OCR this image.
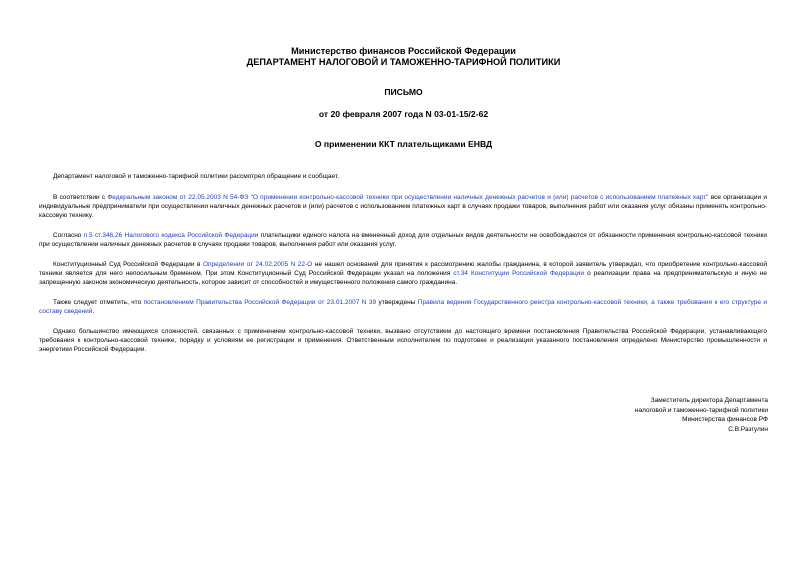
Министерство финансов Российской Федерации
ДЕПАРТАМЕНТ НАЛОГОВОЙ И ТАМОЖЕННО-ТАРИФНОЙ ПОЛИТИКИ
ПИСЬМО
от 20 февраля 2007 года N 03-01-15/2-62
О применении ККТ плательщиками ЕНВД

Департамент налоговой и таможенно-тарифной политики рассмотрел обращение и сообщает.

В соответствии с Федеральным законом от 22.05.2003 N 54-ФЗ "О применении контрольно-кассовой техники при осуществлении наличных денежных расчетов и (или) расчетов с использованием платежных карт" все организации и индивидуальные предприниматели при осуществлении наличных денежных расчетов и (или) расчетов с использованием платежных карт в случаях продажи товаров, выполнения работ или оказания услуг обязаны применять контрольно-кассовую технику.

Согласно п.5 ст.346.26 Налогового кодекса Российской Федерации плательщики единого налога на вмененный доход для отдельных видов деятельности не освобождаются от обязанности применения контрольно-кассовой техники при осуществлении наличных денежных расчетов в случаях продажи товаров, выполнения работ или оказания услуг.

Конституционный Суд Российской Федерации в Определении от 24.02.2005 N 22-О не нашел оснований для принятия к рассмотрению жалобы гражданина, в которой заявитель утверждал, что приобретение контрольно-кассовой техники является для него непосильным бременем. При этом Конституционный Суд Российской Федерации указал на положения ст.34 Конституции Российской Федерации о реализации права на предпринимательскую и иную не запрещенную законом экономическую деятельность, которое зависит от способностей и имущественного положения самого гражданина.

Также следует отметить, что постановлением Правительства Российской Федерации от 23.01.2007 N 39 утверждены Правила ведения Государственного реестра контрольно-кассовой техники, а также требования к его структуре и составу сведений.

Однако большинство имеющихся сложностей, связанных с применением контрольно-кассовой техники, вызвано отсутствием до настоящего времени постановления Правительства Российской Федерации, устанавливающего требования к контрольно-кассовой технике, порядку и условиям ее регистрации и применения. Ответственным исполнителем по подготовке и реализации указанного постановления определено Министерство промышленности и энергетики Российской Федерации.

Заместитель директора Департамента
налоговой и таможенно-тарифной политики
Министерства финансов РФ
С.В.Разгулин
